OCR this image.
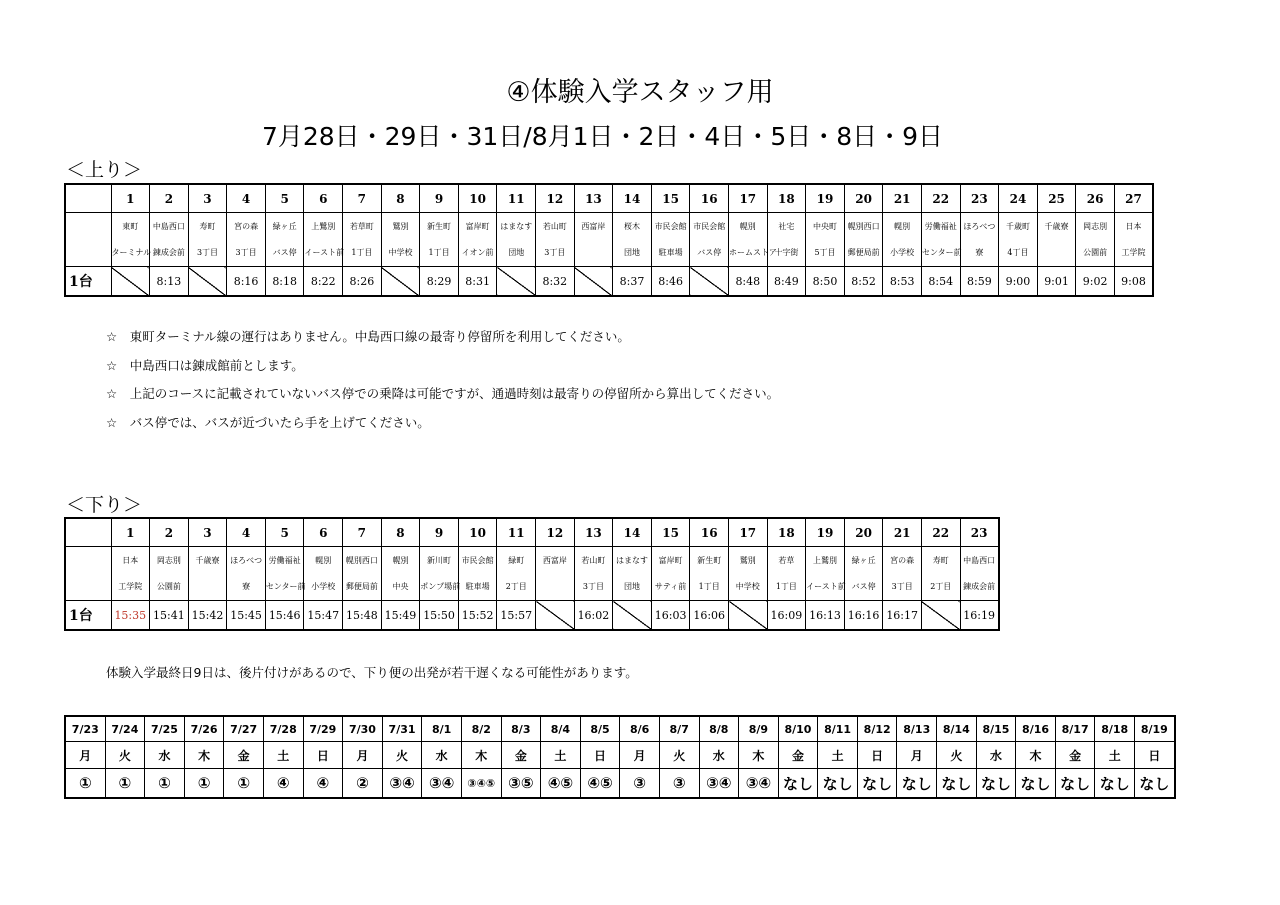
④体験入学スタッフ用
7月28日・29日・31日/8月1日・2日・4日・5日・8日・9日
＜上り＞
	1	2	3	4	5	6	7	8	9	10	11	12	13	14	15	16	17	18	19	20	21	22	23	24	25	26	27
	東町	中島西口	寿町	宮の森	緑ヶ丘	上鷺別	若草町	鷲別	新生町	富岸町	はまなす	若山町	西富岸	桜木	市民会館	市民会館	幌別	社宅	中央町	幌別西口	幌別	労働福祉	ほろべつ	千歳町	千歳寮	岡志別	日本
	ターミナル	錬成会前	3丁目	3丁目	バス停	イースト前	1丁目	中学校	1丁目	イオン前	団地	3丁目		団地	駐車場	バス停	ホームストア	十字街	5丁目	郵便局前	小学校	センター前	寮	4丁目		公園前	工学院
1台		8:13		8:16	8:18	8:22	8:26		8:29	8:31		8:32		8:37	8:46		8:48	8:49	8:50	8:52	8:53	8:54	8:59	9:00	9:01	9:02	9:08
☆　東町ターミナル線の運行はありません。中島西口線の最寄り停留所を利用してください。
☆　中島西口は錬成館前とします。
☆　上記のコースに記載されていないバス停での乗降は可能ですが、通過時刻は最寄りの停留所から算出してください。
☆　バス停では、バスが近づいたら手を上げてください。
＜下り＞
	1	2	3	4	5	6	7	8	9	10	11	12	13	14	15	16	17	18	19	20	21	22	23
	日本	岡志別	千歳寮	ほろべつ	労働福祉	幌別	幌別西口	幌別	新川町	市民会館	緑町	西富岸	若山町	はまなす	富岸町	新生町	鷲別	若草	上鷲別	緑ヶ丘	宮の森	寿町	中島西口
	工学院	公園前		寮	センター前	小学校	郵便局前	中央	ポンプ場前	駐車場	2丁目		3丁目	団地	サティ前	1丁目	中学校	1丁目	イースト前	バス停	3丁目	2丁目	錬成会前
1台	15:35	15:41	15:42	15:45	15:46	15:47	15:48	15:49	15:50	15:52	15:57		16:02		16:03	16:06		16:09	16:13	16:16	16:17		16:19
体験入学最終日9日は、後片付けがあるので、下り便の出発が若干遅くなる可能性があります。
7/23	7/24	7/25	7/26	7/27	7/28	7/29	7/30	7/31	8/1	8/2	8/3	8/4	8/5	8/6	8/7	8/8	8/9	8/10	8/11	8/12	8/13	8/14	8/15	8/16	8/17	8/18	8/19
月	火	水	木	金	土	日	月	火	水	木	金	土	日	月	火	水	木	金	土	日	月	火	水	木	金	土	日
①	①	①	①	①	④	④	②	③④	③④	③④⑤	③⑤	④⑤	④⑤	③	③	③④	③④	なし	なし	なし	なし	なし	なし	なし	なし	なし	なし
